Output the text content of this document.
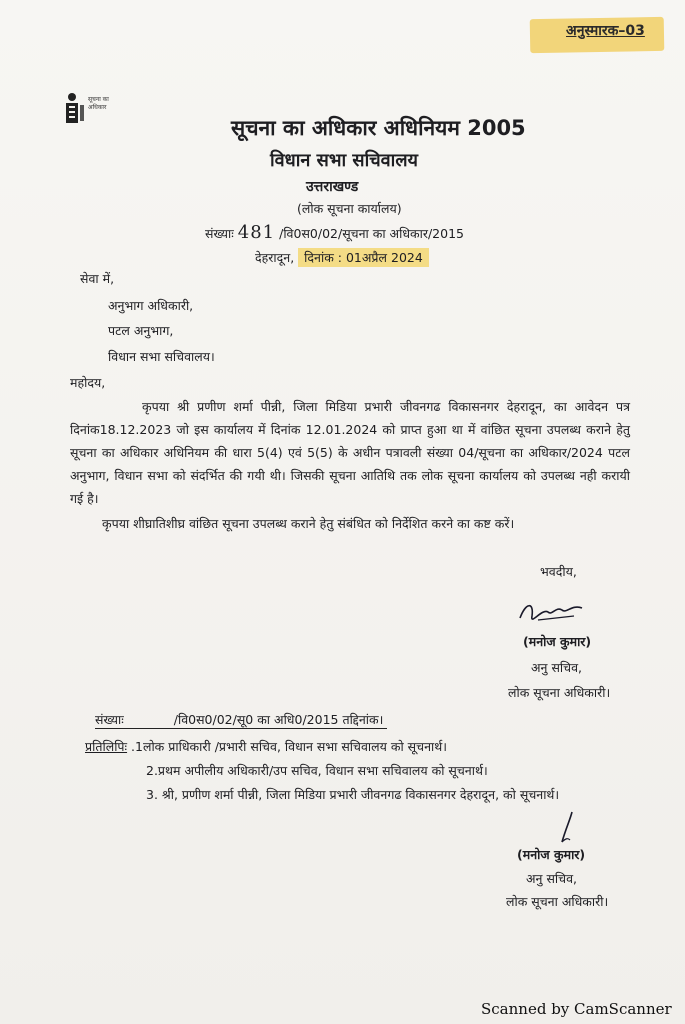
अनुस्मारक–03
सूचना का अधिकार
सूचना का अधिकार अधिनियम 2005
विधान सभा सचिवालय
उत्तराखण्ड
(लोक सूचना कार्यालय)
संख्याः 481 /वि0स0/02/सूचना का अधिकार/2015
देहरादून, दिनांक : 01अप्रैल 2024
सेवा में,
अनुभाग अधिकारी,
पटल अनुभाग,
विधान सभा सचिवालय।
महोदय,
कृपया श्री प्रणीण शर्मा पीन्नी, जिला मिडिया प्रभारी जीवनगढ विकासनगर देहरादून, का आवेदन पत्र दिनांक18.12.2023 जो इस कार्यालय में दिनांक 12.01.2024 को प्राप्त हुआ था में वांछित सूचना उपलब्ध कराने हेतु सूचना का अधिकार अधिनियम की धारा 5(4) एवं 5(5) के अधीन पत्रावली संख्या 04/सूचना का अधिकार/2024 पटल अनुभाग, विधान सभा को संदर्भित की गयी थी। जिसकी सूचना आतिथि तक लोक सूचना कार्यालय को उपलब्ध नही करायी गई है।
कृपया शीघ्रातिशीघ्र वांछित सूचना उपलब्ध कराने हेतु संबंधित को निर्देशित करने का कष्ट करें।
भवदीय,
(मनोज कुमार)
अनु सचिव,
लोक सूचना अधिकारी।
संख्याः	/वि0स0/02/सू0 का अधि0/2015 तद्दिनांक।
प्रतिलिपिः .1लोक प्राधिकारी /प्रभारी सचिव, विधान सभा सचिवालय को सूचनार्थ।
2.प्रथम अपीलीय अधिकारी/उप सचिव, विधान सभा सचिवालय को सूचनार्थ।
3. श्री, प्रणीण शर्मा पीन्नी, जिला मिडिया प्रभारी जीवनगढ विकासनगर देहरादून, को सूचनार्थ।
(मनोज कुमार)
अनु सचिव,
लोक सूचना अधिकारी।
Scanned by CamScanner
